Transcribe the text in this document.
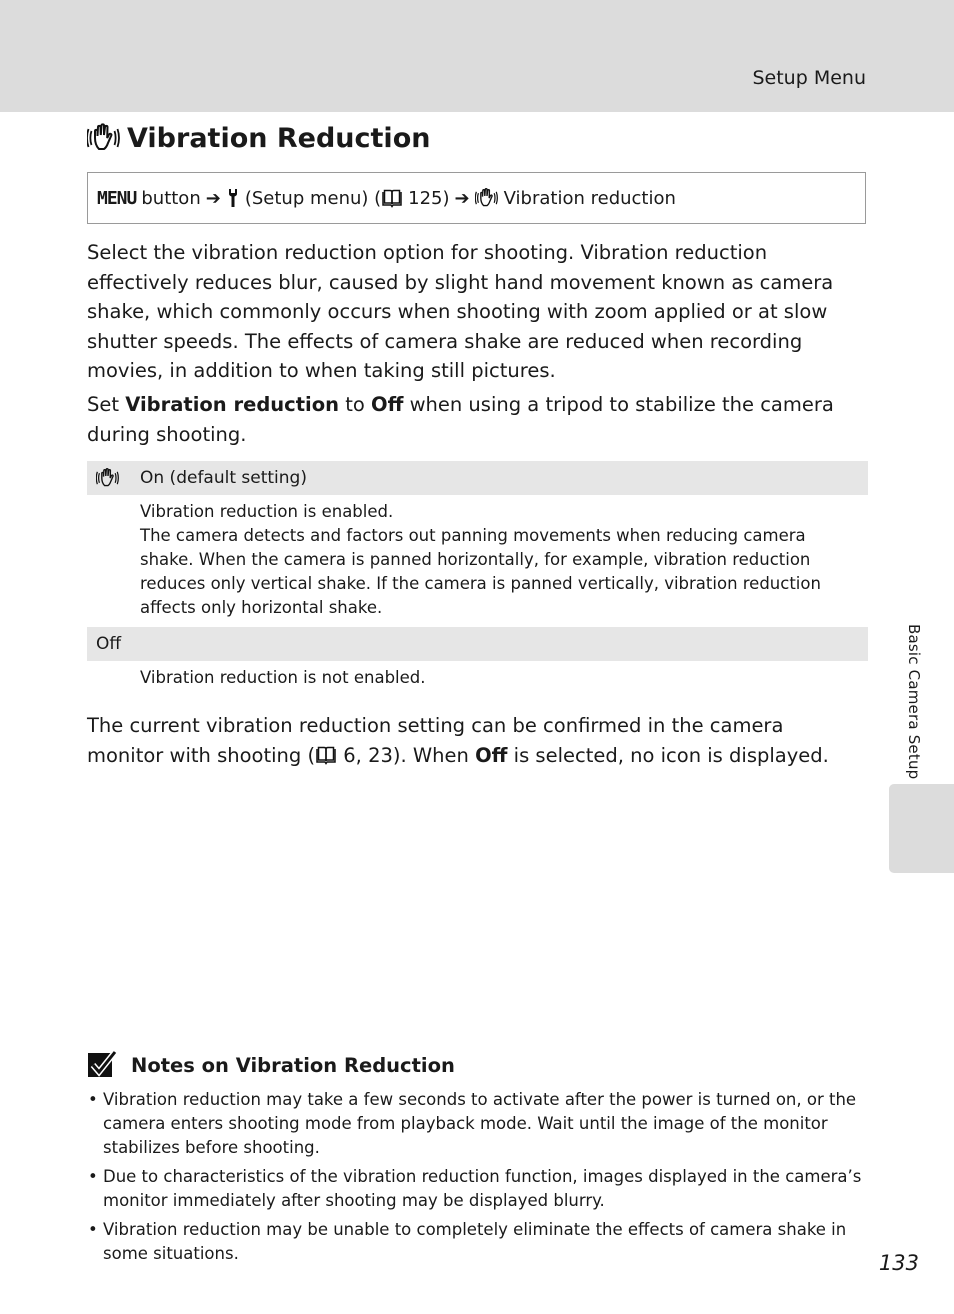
Setup Menu
Vibration Reduction
MENU button ➔ (Setup menu) ( 125) ➔ Vibration reduction

Select the vibration reduction option for shooting. Vibration reduction effectively reduces blur, caused by slight hand movement known as camera shake, which commonly occurs when shooting with zoom applied or at slow shutter speeds. The effects of camera shake are reduced when recording movies, in addition to when taking still pictures.

Set Vibration reduction to Off when using a tripod to stabilize the camera during shooting.

On (default setting)
Vibration reduction is enabled.
The camera detects and factors out panning movements when reducing camera shake. When the camera is panned horizontally, for example, vibration reduction reduces only vertical shake. If the camera is panned vertically, vibration reduction affects only horizontal shake.
Off
Vibration reduction is not enabled.

The current vibration reduction setting can be confirmed in the camera monitor with shooting ( 6, 23). When Off is selected, no icon is displayed.	Basic Camera Setup
Notes on Vibration Reduction
• Vibration reduction may take a few seconds to activate after the power is turned on, or the camera enters shooting mode from playback mode. Wait until the image of the monitor stabilizes before shooting.
• Due to characteristics of the vibration reduction function, images displayed in the camera’s monitor immediately after shooting may be displayed blurry.
• Vibration reduction may be unable to completely eliminate the effects of camera shake in some situations.	133
